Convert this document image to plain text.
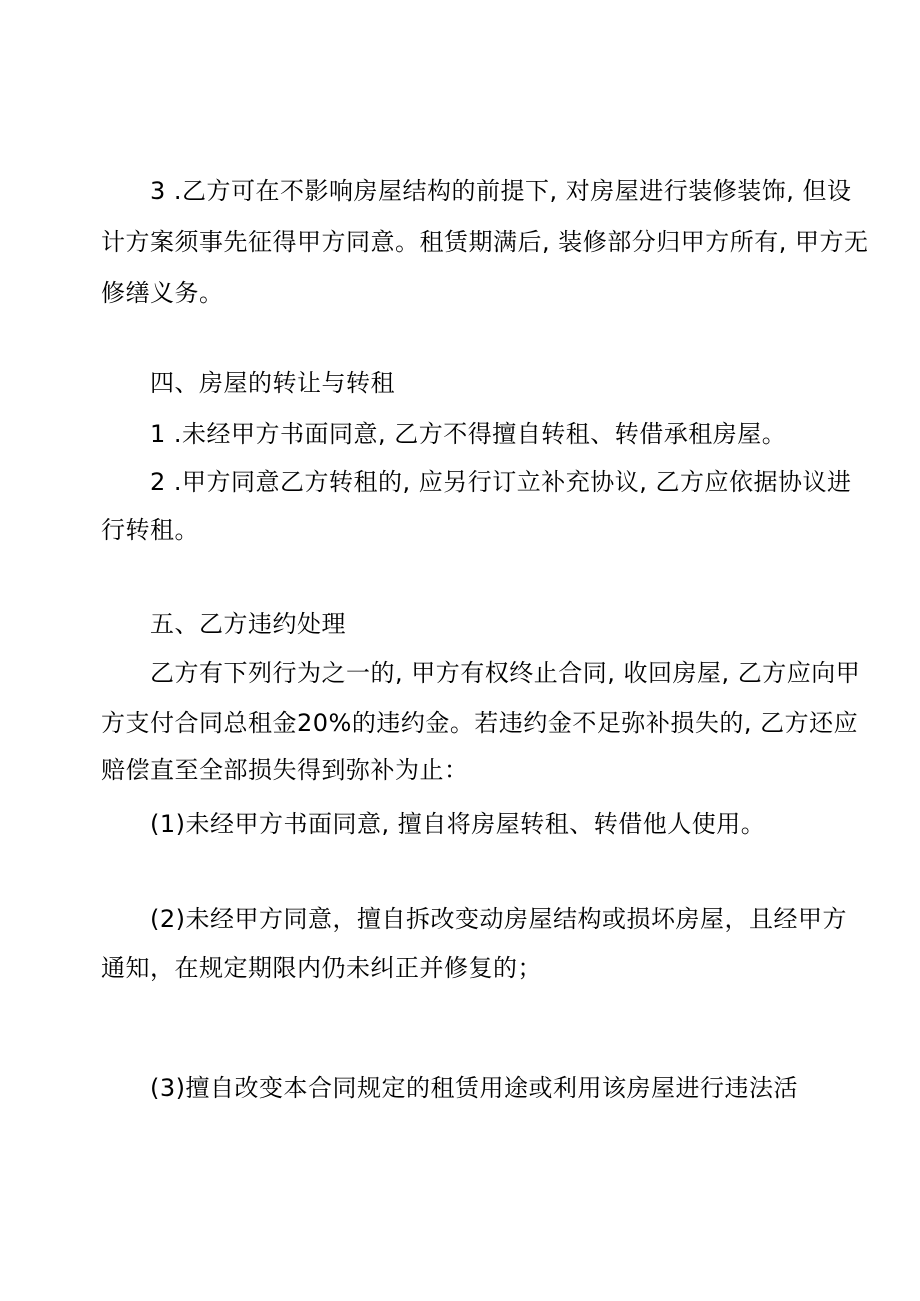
3 .乙方可在不影响房屋结构的前提下, 对房屋进行装修装饰, 但设
计方案须事先征得甲方同意。租赁期满后, 装修部分归甲方所有, 甲方无
修缮义务。
四、房屋的转让与转租
1 .未经甲方书面同意, 乙方不得擅自转租、转借承租房屋。
2 .甲方同意乙方转租的, 应另行订立补充协议, 乙方应依据协议进
行转租。
五、乙方违约处理
乙方有下列行为之一的, 甲方有权终止合同, 收回房屋, 乙方应向甲
方支付合同总租金20%的违约金。若违约金不足弥补损失的, 乙方还应
赔偿直至全部损失得到弥补为止：
(1)未经甲方书面同意, 擅自将房屋转租、转借他人使用。
(2)未经甲方同意，擅自拆改变动房屋结构或损坏房屋，且经甲方
通知，在规定期限内仍未纠正并修复的；
(3)擅自改变本合同规定的租赁用途或利用该房屋进行违法活
